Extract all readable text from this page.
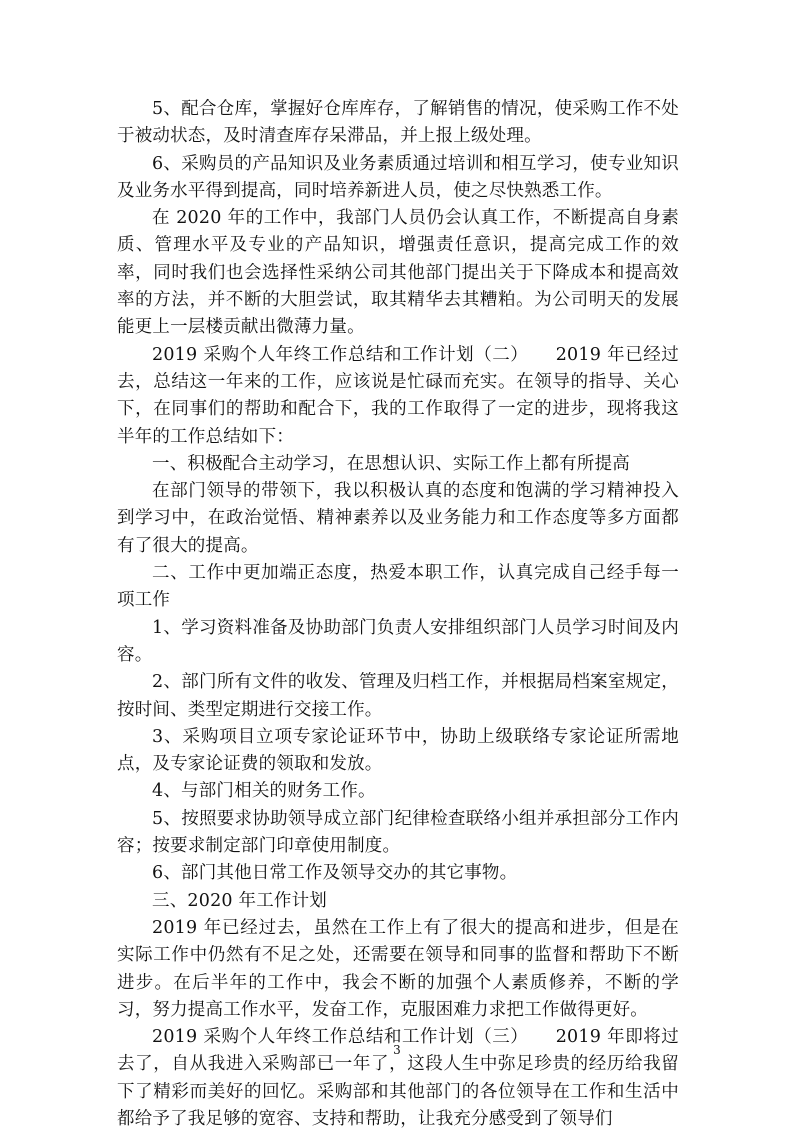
5、配合仓库，掌握好仓库库存，了解销售的情况，使采购工作不处于被动状态，及时清查库存呆滞品，并上报上级处理。

6、采购员的产品知识及业务素质通过培训和相互学习，使专业知识及业务水平得到提高，同时培养新进人员，使之尽快熟悉工作。

在 2020 年的工作中，我部门人员仍会认真工作，不断提高自身素质、管理水平及专业的产品知识，增强责任意识，提高完成工作的效率，同时我们也会选择性采纳公司其他部门提出关于下降成本和提高效率的方法，并不断的大胆尝试，取其精华去其糟粕。为公司明天的发展能更上一层楼贡献出微薄力量。

2019 采购个人年终工作总结和工作计划（二）　　2019 年已经过去，总结这一年来的工作，应该说是忙碌而充实。在领导的指导、关心下，在同事们的帮助和配合下，我的工作取得了一定的进步，现将我这半年的工作总结如下：

一、积极配合主动学习，在思想认识、实际工作上都有所提高

在部门领导的带领下，我以积极认真的态度和饱满的学习精神投入到学习中，在政治觉悟、精神素养以及业务能力和工作态度等多方面都有了很大的提高。

二、工作中更加端正态度，热爱本职工作，认真完成自己经手每一项工作

1、学习资料准备及协助部门负责人安排组织部门人员学习时间及内容。

2、部门所有文件的收发、管理及归档工作，并根据局档案室规定，按时间、类型定期进行交接工作。

3、采购项目立项专家论证环节中，协助上级联络专家论证所需地点，及专家论证费的领取和发放。

4、与部门相关的财务工作。

5、按照要求协助领导成立部门纪律检查联络小组并承担部分工作内容；按要求制定部门印章使用制度。

6、部门其他日常工作及领导交办的其它事物。

三、2020 年工作计划

2019 年已经过去，虽然在工作上有了很大的提高和进步，但是在实际工作中仍然有不足之处，还需要在领导和同事的监督和帮助下不断进步。在后半年的工作中，我会不断的加强个人素质修养，不断的学习，努力提高工作水平，发奋工作，克服困难力求把工作做得更好。

2019 采购个人年终工作总结和工作计划（三）　　2019 年即将过去了，自从我进入采购部已一年了，这段人生中弥足珍贵的经历给我留下了精彩而美好的回忆。采购部和其他部门的各位领导在工作和生活中都给予了我足够的宽容、支持和帮助，让我充分感受到了领导们

3
